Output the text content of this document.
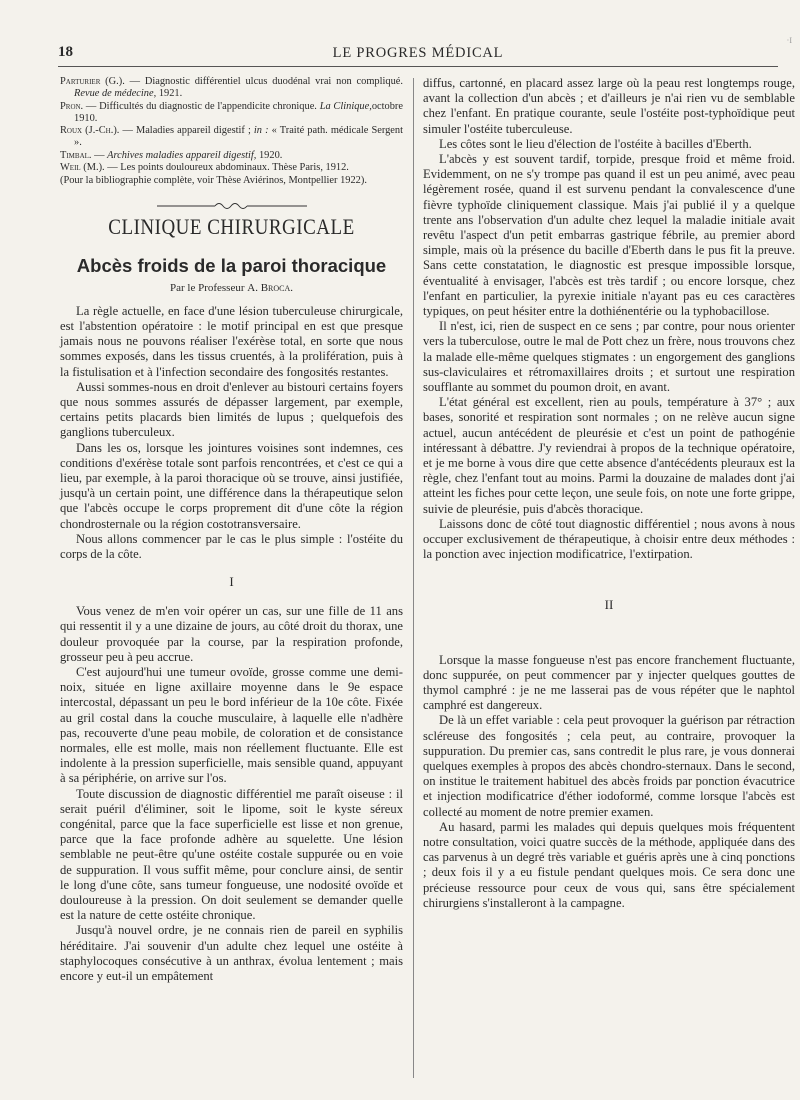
18	LE PROGRES MÉDICAL
·I

Parturier (G.). — Diagnostic différentiel ulcus duodénal vrai non compliqué. Revue de médecine, 1921.

Pron. — Difficultés du diagnostic de l'appendicite chronique. La Clinique,octobre 1910.

Roux (J.-Ch.). — Maladies appareil digestif ; in : « Traité path. médicale Sergent ».

Timbal. — Archives maladies appareil digestif, 1920.

Weil (M.). — Les points douloureux abdominaux. Thèse Paris, 1912.

(Pour la bibliographie complète, voir Thèse Aviérinos, Montpellier 1922).

CLINIQUE CHIRURGICALE
Abcès froids de la paroi thoracique
Par le Professeur A. Broca.

La règle actuelle, en face d'une lésion tuberculeuse chirurgicale, est l'abstention opératoire : le motif principal en est que presque jamais nous ne pouvons réaliser l'exérèse total, en sorte que nous sommes exposés, dans les tissus cruentés, à la prolifération, puis à la fistulisation et à l'infection secondaire des fongosités restantes.

Aussi sommes-nous en droit d'enlever au bistouri certains foyers que nous sommes assurés de dépasser largement, par exemple, certains petits placards bien limités de lupus ; quelquefois des ganglions tuberculeux.

Dans les os, lorsque les jointures voisines sont indemnes, ces conditions d'exérèse totale sont parfois rencontrées, et c'est ce qui a lieu, par exemple, à la paroi thoracique où se trouve, ainsi justifiée, jusqu'à un certain point, une différence dans la thérapeutique selon que l'abcès occupe le corps proprement dit d'une côte la région chondrosternale ou la région costotransversaire.

Nous allons commencer par le cas le plus simple : l'ostéite du corps de la côte.

I

Vous venez de m'en voir opérer un cas, sur une fille de 11 ans qui ressentit il y a une dizaine de jours, au côté droit du thorax, une douleur provoquée par la course, par la respiration profonde, grosseur peu à peu accrue.

C'est aujourd'hui une tumeur ovoïde, grosse comme une demi-noix, située en ligne axillaire moyenne dans le 9e espace intercostal, dépassant un peu le bord inférieur de la 10e côte. Fixée au gril costal dans la couche musculaire, à laquelle elle n'adhère pas, recouverte d'une peau mobile, de coloration et de consistance normales, elle est molle, mais non réellement fluctuante. Elle est indolente à la pression superficielle, mais sensible quand, appuyant à sa périphérie, on arrive sur l'os.

Toute discussion de diagnostic différentiel me paraît oiseuse : il serait puéril d'éliminer, soit le lipome, soit le kyste séreux congénital, parce que la face superficielle est lisse et non grenue, parce que la face profonde adhère au squelette. Une lésion semblable ne peut-être qu'une ostéite costale suppurée ou en voie de suppuration. Il vous suffit même, pour conclure ainsi, de sentir le long d'une côte, sans tumeur fongueuse, une nodosité ovoïde et douloureuse à la pression. On doit seulement se demander quelle est la nature de cette ostéite chronique.

Jusqu'à nouvel ordre, je ne connais rien de pareil en syphilis héréditaire. J'ai souvenir d'un adulte chez lequel une ostéite à staphylocoques consécutive à un anthrax, évolua lentement ; mais encore y eut-il un empâtement

diffus, cartonné, en placard assez large où la peau rest longtemps rouge, avant la collection d'un abcès ; et d'ailleurs je n'ai rien vu de semblable chez l'enfant. En pratique courante, seule l'ostéite post-typhoïdique peut simuler l'ostéite tuberculeuse.

Les côtes sont le lieu d'élection de l'ostéite à bacilles d'Eberth.

L'abcès y est souvent tardif, torpide, presque froid et même froid. Evidemment, on ne s'y trompe pas quand il est un peu animé, avec peau légèrement rosée, quand il est survenu pendant la convalescence d'une fièvre typhoïde cliniquement classique. Mais j'ai publié il y a quelque trente ans l'observation d'un adulte chez lequel la maladie initiale avait revêtu l'aspect d'un petit embarras gastrique fébrile, au premier abord simple, mais où la présence du bacille d'Eberth dans le pus fit la preuve. Sans cette constatation, le diagnostic est presque impossible lorsque, éventualité à envisager, l'abcès est très tardif ; ou encore lorsque, chez l'enfant en particulier, la pyrexie initiale n'ayant pas eu ces caractères typiques, on peut hésiter entre la dothiénentérie ou la typhobacillose.

Il n'est, ici, rien de suspect en ce sens ; par contre, pour nous orienter vers la tuberculose, outre le mal de Pott chez un frère, nous trouvons chez la malade elle-même quelques stigmates : un engorgement des ganglions sus-claviculaires et rétromaxillaires droits ; et surtout une respiration soufflante au sommet du poumon droit, en avant.

L'état général est excellent, rien au pouls, température à 37° ; aux bases, sonorité et respiration sont normales ; on ne relève aucun signe actuel, aucun antécédent de pleurésie et c'est un point de pathogénie intéressant à débattre. J'y reviendrai à propos de la technique opératoire, et je me borne à vous dire que cette absence d'antécédents pleuraux est la règle, chez l'enfant tout au moins. Parmi la douzaine de malades dont j'ai atteint les fiches pour cette leçon, une seule fois, on note une forte grippe, suivie de pleurésie, puis d'abcès thoracique.

Laissons donc de côté tout diagnostic différentiel ; nous avons à nous occuper exclusivement de thérapeutique, à choisir entre deux méthodes : la ponction avec injection modificatrice, l'extirpation.

II

Lorsque la masse fongueuse n'est pas encore franchement fluctuante, donc suppurée, on peut commencer par y injecter quelques gouttes de thymol camphré : je ne me lasserai pas de vous répéter que le naphtol camphré est dangereux.

De là un effet variable : cela peut provoquer la guérison par rétraction scléreuse des fongosités ; cela peut, au contraire, provoquer la suppuration. Du premier cas, sans contredit le plus rare, je vous donnerai quelques exemples à propos des abcès chondro-sternaux. Dans le second, on institue le traitement habituel des abcès froids par ponction évacutrice et injection modificatrice d'éther iodoformé, comme lorsque l'abcès est collecté au moment de notre premier examen.

Au hasard, parmi les malades qui depuis quelques mois fréquentent notre consultation, voici quatre succès de la méthode, appliquée dans des cas parvenus à un degré très variable et guéris après une à cinq ponctions ; deux fois il y a eu fistule pendant quelques mois. Ce sera donc une précieuse ressource pour ceux de vous qui, sans être spécialement chirurgiens s'installeront à la campagne.
